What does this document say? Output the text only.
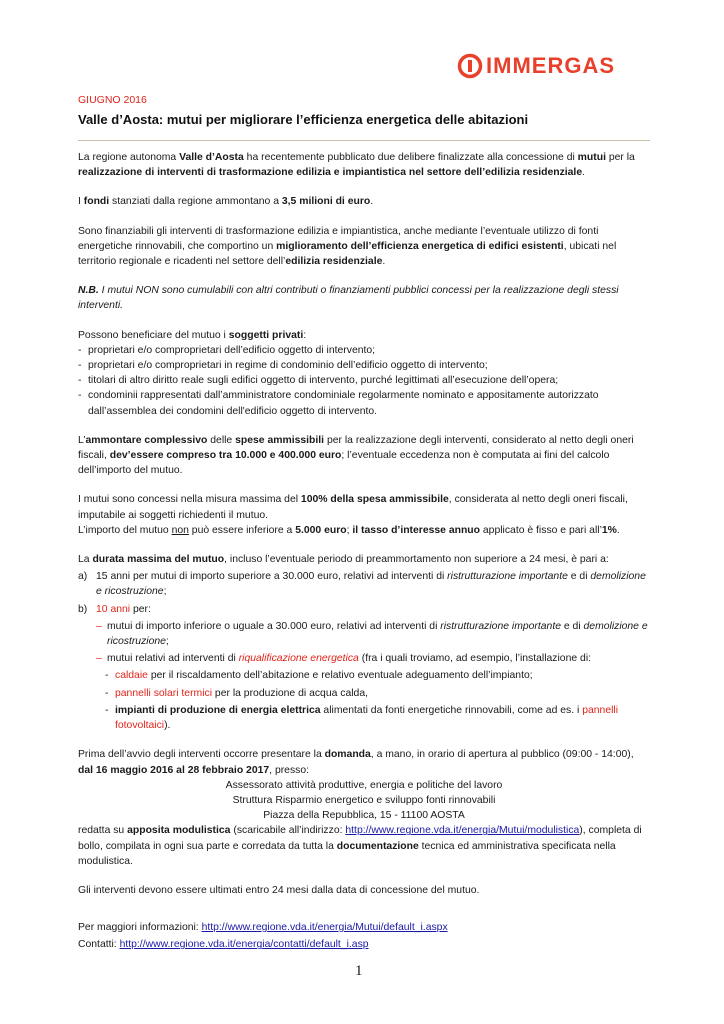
IMMERGAS
GIUGNO 2016
Valle d’Aosta: mutui per migliorare l’efficienza energetica delle abitazioni

La regione autonoma Valle d’Aosta ha recentemente pubblicato due delibere finalizzate alla concessione di mutui per la realizzazione di interventi di trasformazione edilizia e impiantistica nel settore dell’edilizia residenziale.

I fondi stanziati dalla regione ammontano a 3,5 milioni di euro.

Sono finanziabili gli interventi di trasformazione edilizia e impiantistica, anche mediante l’eventuale utilizzo di fonti energetiche rinnovabili, che comportino un miglioramento dell’efficienza energetica di edifici esistenti, ubicati nel territorio regionale e ricadenti nel settore dell’edilizia residenziale.

N.B. I mutui NON sono cumulabili con altri contributi o finanziamenti pubblici concessi per la realizzazione degli stessi interventi.

Possono beneficiare del mutuo i soggetti privati:

- proprietari e/o comproprietari dell’edificio oggetto di intervento;
- proprietari e/o comproprietari in regime di condominio dell’edificio oggetto di intervento;
- titolari di altro diritto reale sugli edifici oggetto di intervento, purché legittimati all’esecuzione dell’opera;
- condominii rappresentati dall’amministratore condominiale regolarmente nominato e appositamente autorizzato dall’assemblea dei condomini dell'edificio oggetto di intervento.

L’ammontare complessivo delle spese ammissibili per la realizzazione degli interventi, considerato al netto degli oneri fiscali, dev’essere compreso tra 10.000 e 400.000 euro; l’eventuale eccedenza non è computata ai fini del calcolo dell’importo del mutuo.

I mutui sono concessi nella misura massima del 100% della spesa ammissibile, considerata al netto degli oneri fiscali, imputabile ai soggetti richiedenti il mutuo.
L’importo del mutuo non può essere inferiore a 5.000 euro; il tasso d’interesse annuo applicato è fisso e pari all’1%.

La durata massima del mutuo, incluso l’eventuale periodo di preammortamento non superiore a 24 mesi, è pari a:

a) 15 anni per mutui di importo superiore a 30.000 euro, relativi ad interventi di ristrutturazione importante e di demolizione e ricostruzione;
b) 10 anni per:
– mutui di importo inferiore o uguale a 30.000 euro, relativi ad interventi di ristrutturazione importante e di demolizione e ricostruzione;
– mutui relativi ad interventi di riqualificazione energetica (fra i quali troviamo, ad esempio, l’installazione di:
- caldaie per il riscaldamento dell’abitazione e relativo eventuale adeguamento dell’impianto;
- pannelli solari termici per la produzione di acqua calda,
- impianti di produzione di energia elettrica alimentati da fonti energetiche rinnovabili, come ad es. i pannelli fotovoltaici).

Prima dell’avvio degli interventi occorre presentare la domanda, a mano, in orario di apertura al pubblico (09:00 - 14:00), dal 16 maggio 2016 al 28 febbraio 2017, presso:

Assessorato attività produttive, energia e politiche del lavoro

Struttura Risparmio energetico e sviluppo fonti rinnovabili

Piazza della Repubblica, 15 - 11100 AOSTA

redatta su apposita modulistica (scaricabile all’indirizzo: http://www.regione.vda.it/energia/Mutui/modulistica), completa di bollo, compilata in ogni sua parte e corredata da tutta la documentazione tecnica ed amministrativa specificata nella modulistica.

Gli interventi devono essere ultimati entro 24 mesi dalla data di concessione del mutuo.

Per maggiori informazioni: http://www.regione.vda.it/energia/Mutui/default_i.aspx

Contatti: http://www.regione.vda.it/energia/contatti/default_i.asp

1
